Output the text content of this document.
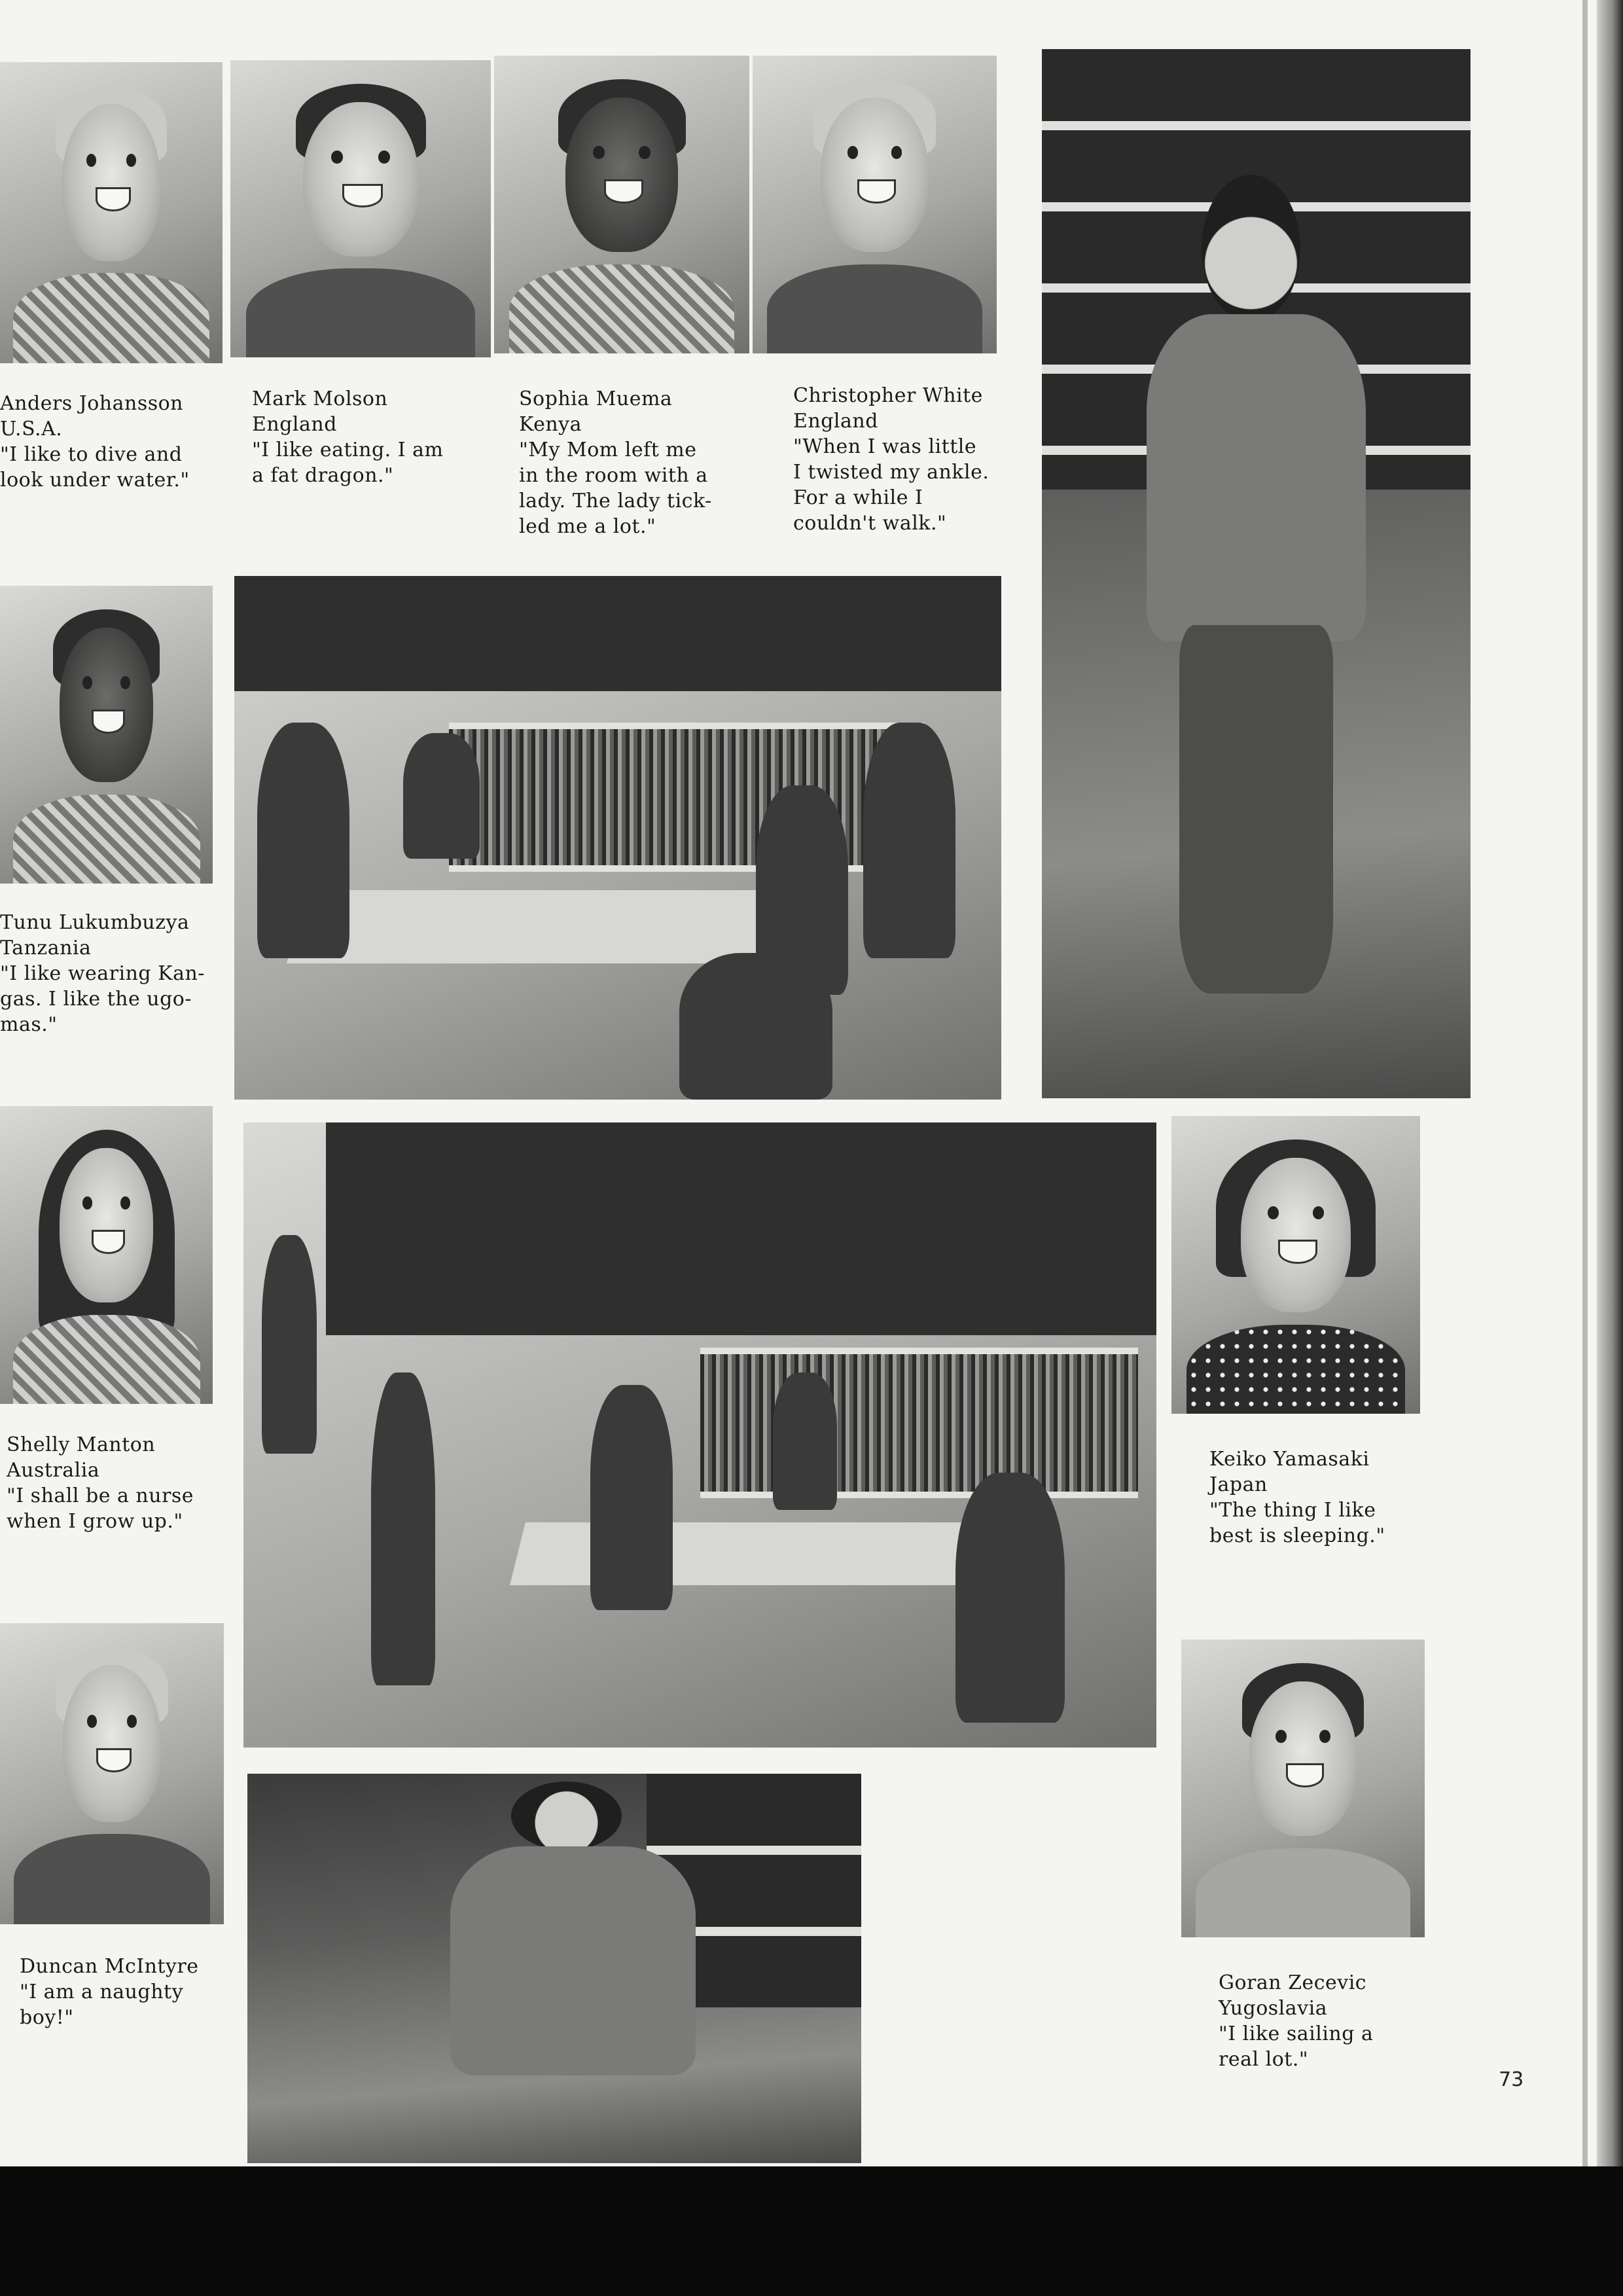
Anders Johansson
U.S.A.
"I like to dive and
look under water."

Mark Molson
England
"I like eating. I am
a fat dragon."

Sophia Muema
Kenya
"My Mom left me
in the room with a
lady. The lady tick-
led me a lot."

Christopher White
England
"When I was little
I twisted my ankle.
For a while I
couldn't walk."

Tunu Lukumbuzya
Tanzania
"I like wearing Kan-
gas. I like the ugo-
mas."

Shelly Manton
Australia
"I shall be a nurse
when I grow up."

Keiko Yamasaki
Japan
"The thing I like
best is sleeping."

Duncan McIntyre
"I am a naughty
boy!"

Goran Zecevic
Yugoslavia
"I like sailing a
real lot."

73
